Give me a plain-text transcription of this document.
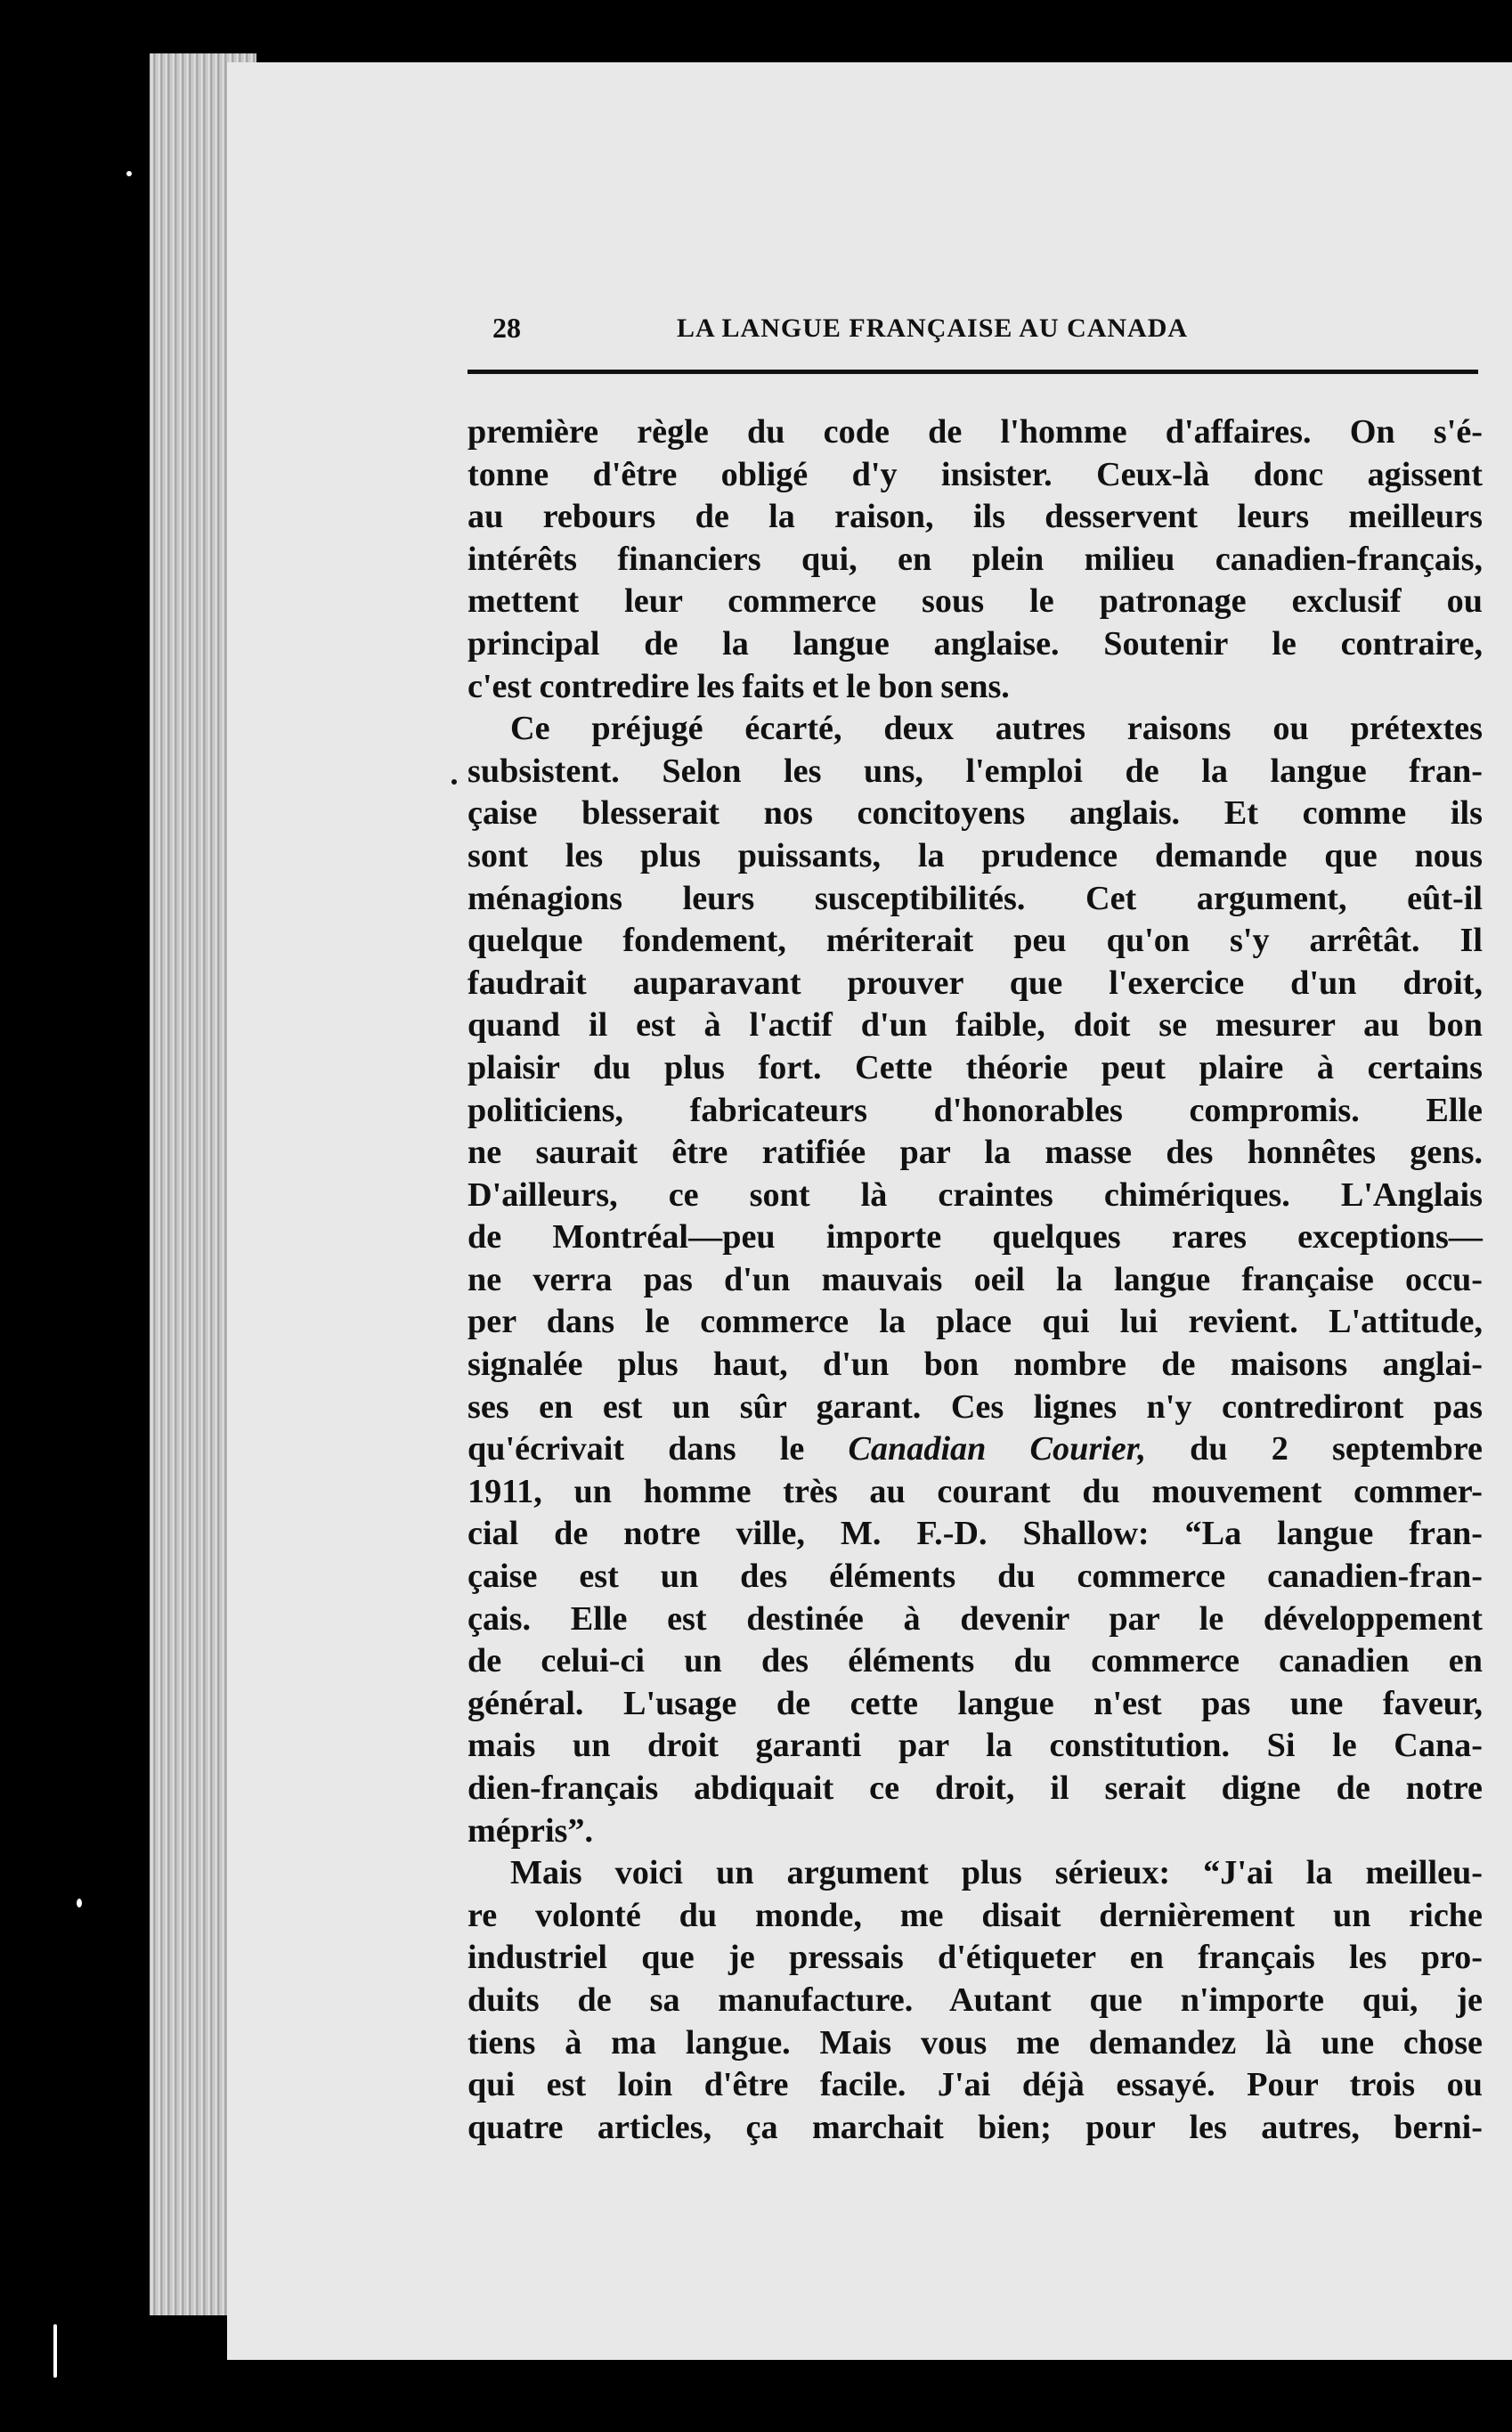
28	LA LANGUE FRANÇAISE AU CANADA
première règle du code de l'homme d'affaires. On s'é-
tonne d'être obligé d'y insister. Ceux-là donc agissent
au rebours de la raison, ils desservent leurs meilleurs
intérêts financiers qui, en plein milieu canadien-français,
mettent leur commerce sous le patronage exclusif ou
principal de la langue anglaise. Soutenir le contraire,
c'est contredire les faits et le bon sens.
Ce préjugé écarté, deux autres raisons ou prétextes
subsistent. Selon les uns, l'emploi de la langue fran-
çaise blesserait nos concitoyens anglais. Et comme ils
sont les plus puissants, la prudence demande que nous
ménagions leurs susceptibilités. Cet argument, eût-il
quelque fondement, mériterait peu qu'on s'y arrêtât. Il
faudrait auparavant prouver que l'exercice d'un droit,
quand il est à l'actif d'un faible, doit se mesurer au bon
plaisir du plus fort. Cette théorie peut plaire à certains
politiciens, fabricateurs d'honorables compromis. Elle
ne saurait être ratifiée par la masse des honnêtes gens.
D'ailleurs, ce sont là craintes chimériques. L'Anglais
de Montréal—peu importe quelques rares exceptions—
ne verra pas d'un mauvais oeil la langue française occu-
per dans le commerce la place qui lui revient. L'attitude,
signalée plus haut, d'un bon nombre de maisons anglai-
ses en est un sûr garant. Ces lignes n'y contrediront pas
qu'écrivait dans le Canadian Courier, du 2 septembre
1911, un homme très au courant du mouvement commer-
cial de notre ville, M. F.-D. Shallow: “La langue fran-
çaise est un des éléments du commerce canadien-fran-
çais. Elle est destinée à devenir par le développement
de celui-ci un des éléments du commerce canadien en
général. L'usage de cette langue n'est pas une faveur,
mais un droit garanti par la constitution. Si le Cana-
dien-français abdiquait ce droit, il serait digne de notre
mépris”.
Mais voici un argument plus sérieux: “J'ai la meilleu-
re volonté du monde, me disait dernièrement un riche
industriel que je pressais d'étiqueter en français les pro-
duits de sa manufacture. Autant que n'importe qui, je
tiens à ma langue. Mais vous me demandez là une chose
qui est loin d'être facile. J'ai déjà essayé. Pour trois ou
quatre articles, ça marchait bien; pour les autres, berni-
